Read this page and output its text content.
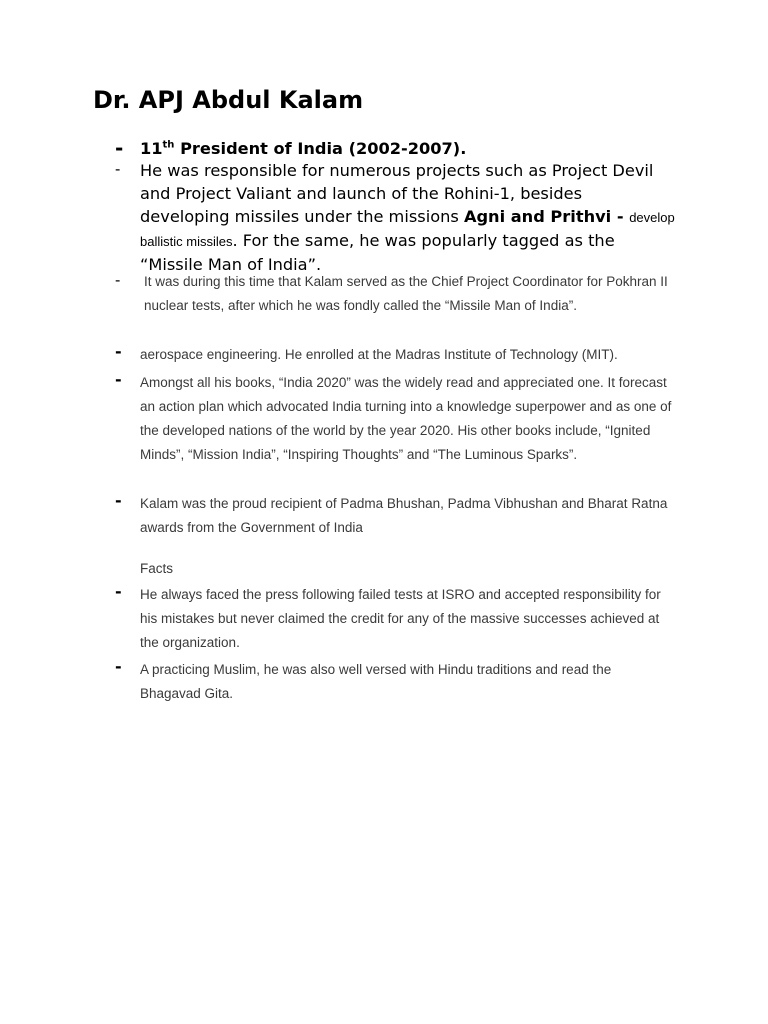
Dr. APJ Abdul Kalam
- 11th President of India (2002-2007).
- He was responsible for numerous projects such as Project Devil and Project Valiant and launch of the Rohini-1, besides developing missiles under the missions Agni and Prithvi - develop ballistic missiles. For the same, he was popularly tagged as the “Missile Man of India”.
- It was during this time that Kalam served as the Chief Project Coordinator for Pokhran II nuclear tests, after which he was fondly called the “Missile Man of India”.
- aerospace engineering. He enrolled at the Madras Institute of Technology (MIT).
- Amongst all his books, “India 2020” was the widely read and appreciated one. It forecast an action plan which advocated India turning into a knowledge superpower and as one of the developed nations of the world by the year 2020. His other books include, “Ignited Minds”, “Mission India”, “Inspiring Thoughts” and “The Luminous Sparks”.
- Kalam was the proud recipient of Padma Bhushan, Padma Vibhushan and Bharat Ratna awards from the Government of India
Facts
- He always faced the press following failed tests at ISRO and accepted responsibility for his mistakes but never claimed the credit for any of the massive successes achieved at the organization.
- A practicing Muslim, he was also well versed with Hindu traditions and read the Bhagavad Gita.
